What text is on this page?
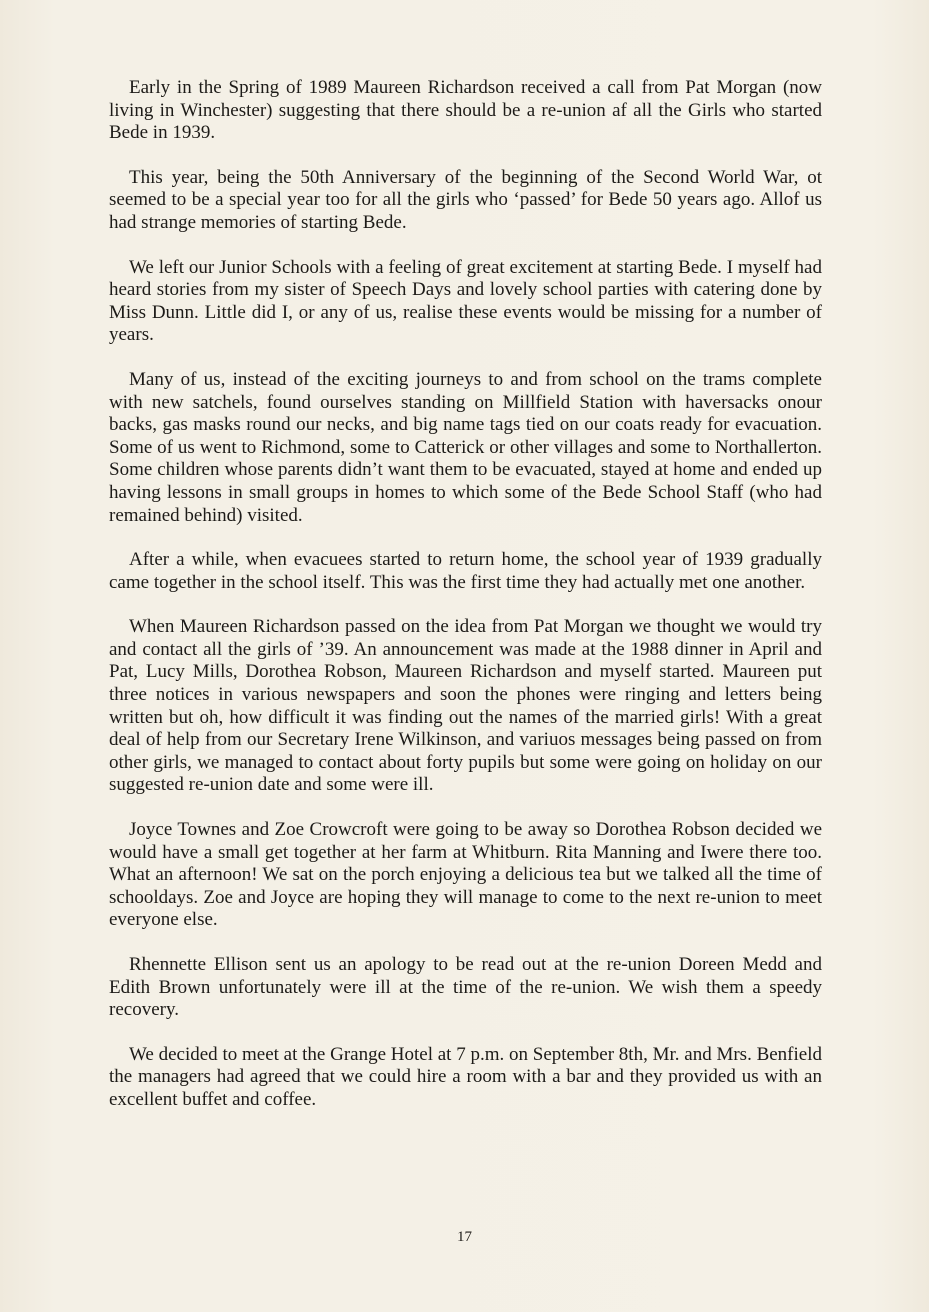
Early in the Spring of 1989 Maureen Richardson received a call from Pat Morgan (now living in Winchester) suggesting that there should be a re-union af all the Girls who started Bede in 1939.

This year, being the 50th Anniversary of the beginning of the Second World War, ot seemed to be a special year too for all the girls who ‘passed’ for Bede 50 years ago. Allof us had strange memories of starting Bede.

We left our Junior Schools with a feeling of great excitement at starting Bede. I myself had heard stories from my sister of Speech Days and lovely school parties with catering done by Miss Dunn. Little did I, or any of us, realise these events would be missing for a number of years.

Many of us, instead of the exciting journeys to and from school on the trams complete with new satchels, found ourselves standing on Millfield Station with haversacks onour backs, gas masks round our necks, and big name tags tied on our coats ready for evacuation. Some of us went to Richmond, some to Catterick or other villages and some to Northallerton. Some children whose parents didn’t want them to be evacuated, stayed at home and ended up having lessons in small groups in homes to which some of the Bede School Staff (who had remained behind) visited.

After a while, when evacuees started to return home, the school year of 1939 gradually came together in the school itself. This was the first time they had actually met one another.

When Maureen Richardson passed on the idea from Pat Morgan we thought we would try and contact all the girls of ’39. An announcement was made at the 1988 dinner in April and Pat, Lucy Mills, Dorothea Robson, Maureen Richardson and myself started. Maureen put three notices in various newspapers and soon the phones were ringing and letters being written but oh, how difficult it was finding out the names of the married girls! With a great deal of help from our Secretary Irene Wilkinson, and variuos messages being passed on from other girls, we managed to contact about forty pupils but some were going on holiday on our suggested re-union date and some were ill.

Joyce Townes and Zoe Crowcroft were going to be away so Dorothea Robson decided we would have a small get together at her farm at Whitburn. Rita Manning and Iwere there too. What an afternoon! We sat on the porch enjoying a delicious tea but we talked all the time of schooldays. Zoe and Joyce are hoping they will manage to come to the next re-union to meet everyone else.

Rhennette Ellison sent us an apology to be read out at the re-union Doreen Medd and Edith Brown unfortunately were ill at the time of the re-union. We wish them a speedy recovery.

We decided to meet at the Grange Hotel at 7 p.m. on September 8th, Mr. and Mrs. Benfield the managers had agreed that we could hire a room with a bar and they provided us with an excellent buffet and coffee.

17
